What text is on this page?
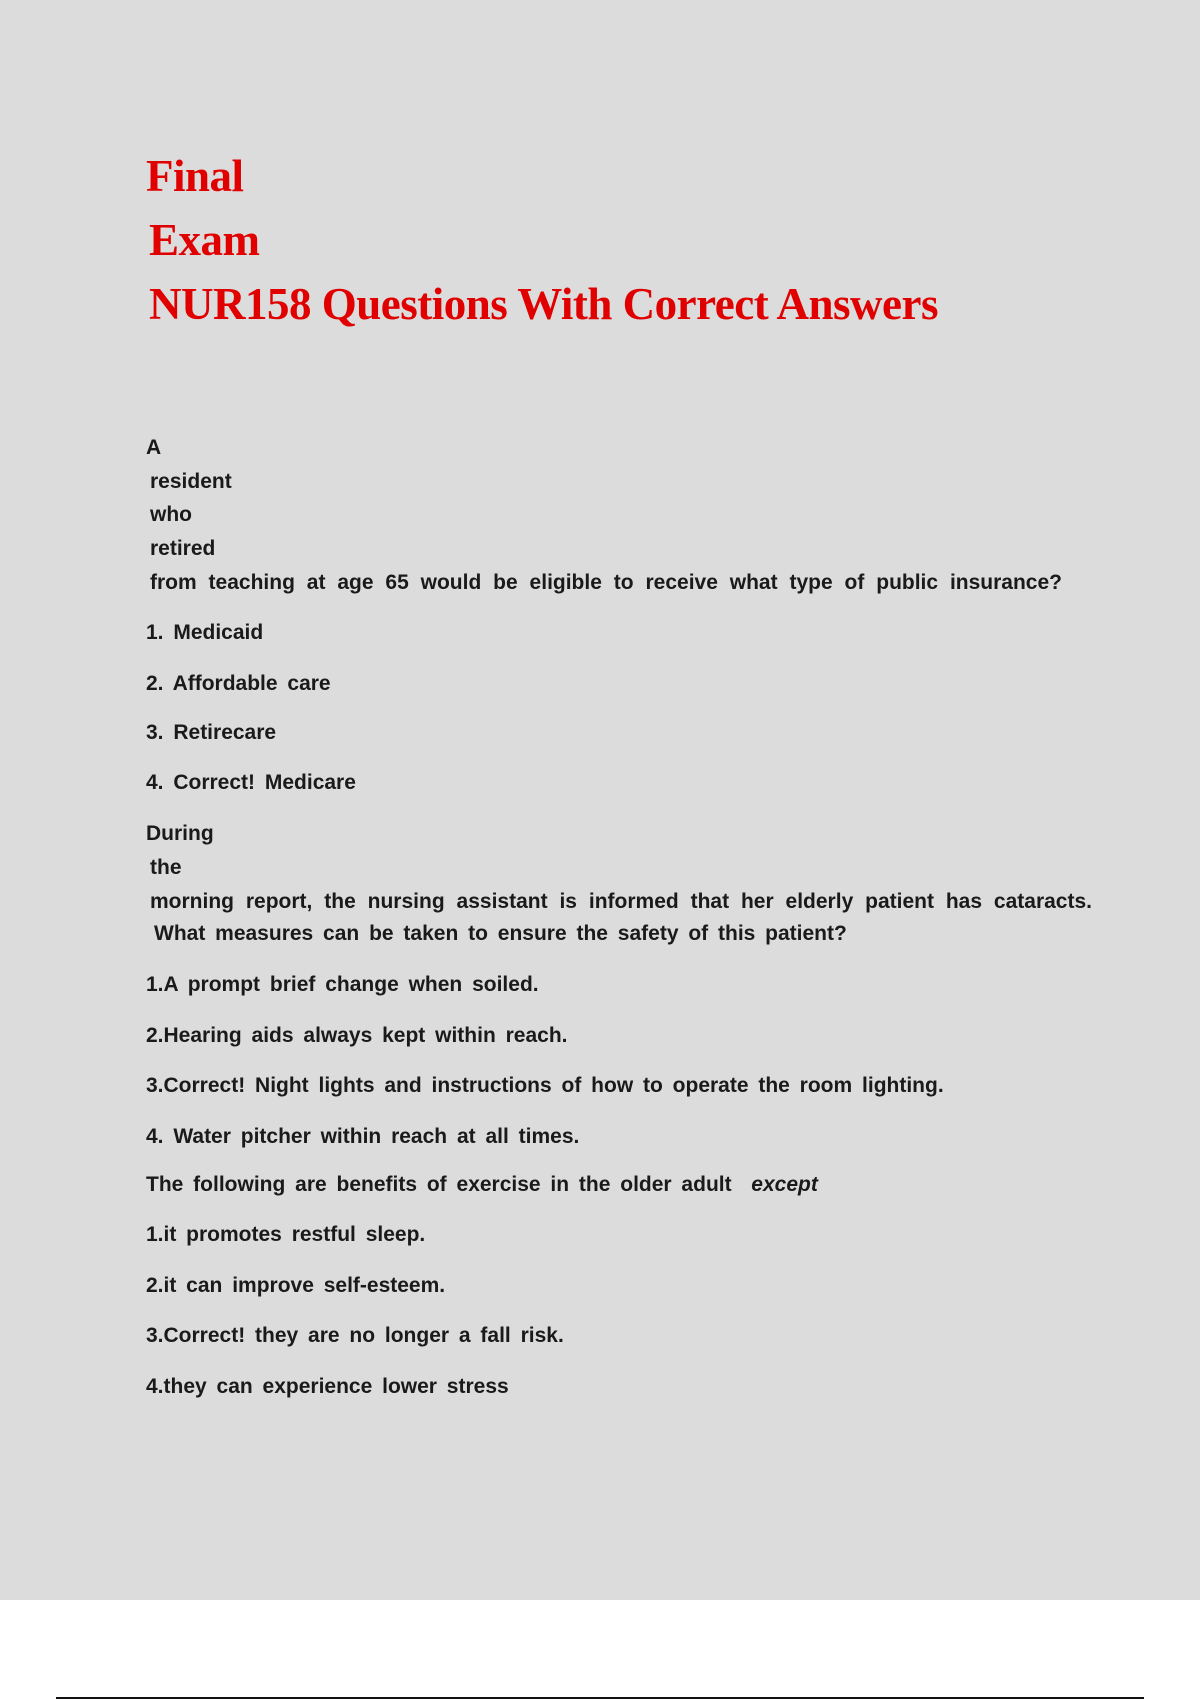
Final
Exam
NUR158 Questions With Correct Answers
A
resident
who
retired
from teaching at age 65 would be eligible to receive what type of public insurance?
1. Medicaid
2. Affordable care
3. Retirecare
4. Correct! Medicare
During
the
morning report, the nursing assistant is informed that her elderly patient has cataracts.
What measures can be taken to ensure the safety of this patient?
1.A prompt brief change when soiled.
2.Hearing aids always kept within reach.
3.Correct! Night lights and instructions of how to operate the room lighting.
4. Water pitcher within reach at all times.
The following are benefits of exercise in the older adult except
1.it promotes restful sleep.
2.it can improve self-esteem.
3.Correct! they are no longer a fall risk.
4.they can experience lower stress
